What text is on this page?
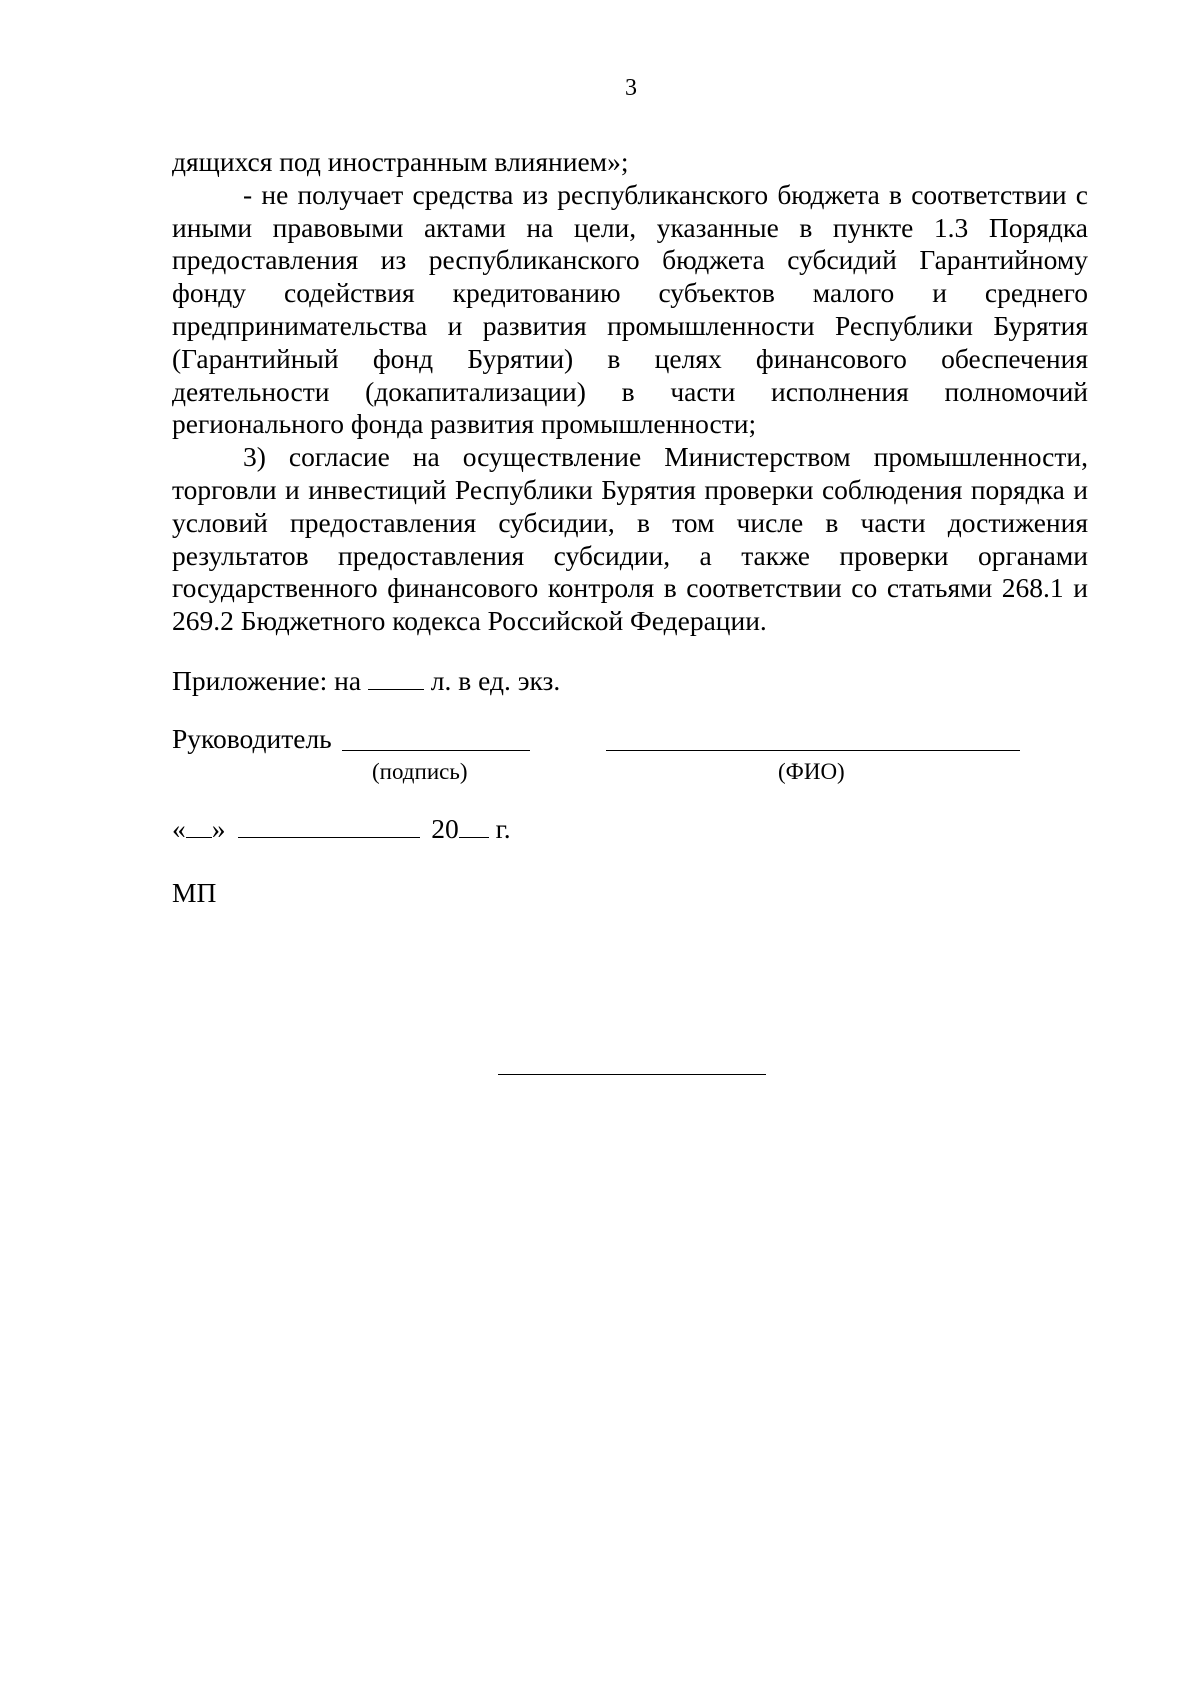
3

дящихся под иностранным влиянием»;

- не получает средства из республиканского бюджета в соответствии с иными правовыми актами на цели, указанные в пункте 1.3 Порядка предоставления из республиканского бюджета субсидий Гарантийному фонду содействия кредитованию субъектов малого и среднего предпринимательства и развития промышленности Республики Бурятия (Гарантийный фонд Бурятии) в целях финансового обеспечения деятельности (докапитализации) в части исполнения полномочий регионального фонда развития промышленности;

3) согласие на осуществление Министерством промышленности, торговли и инвестиций Республики Бурятия проверки соблюдения порядка и условий предоставления субсидии, в том числе в части достижения результатов предоставления субсидии, а также проверки органами государственного финансового контроля в соответствии со статьями 268.1 и 269.2 Бюджетного кодекса Российской Федерации.

Приложение: на	л. в ед. экз.
Руководитель
(подпись)	(ФИО)
« »	20 г.
МП
